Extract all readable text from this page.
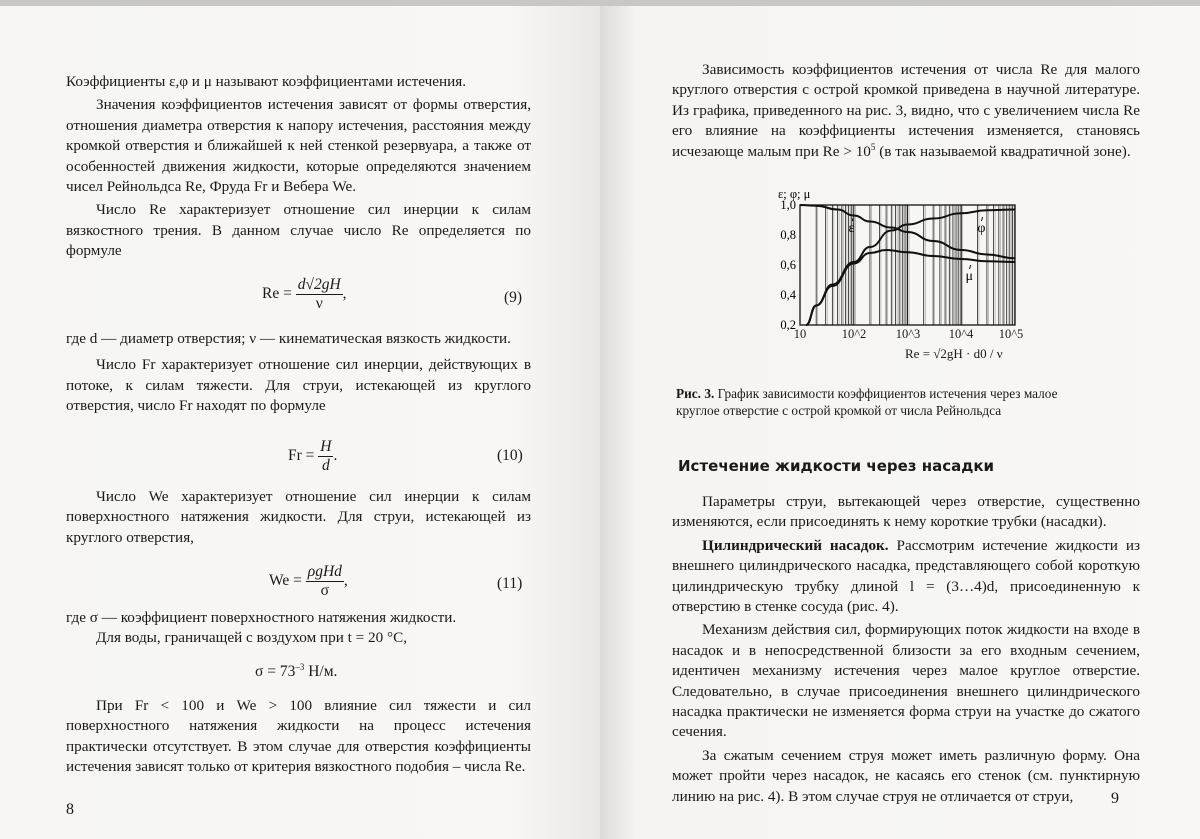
Коэффициенты ε,φ и μ называют коэффициентами истечения.

Значения коэффициентов истечения зависят от формы отверстия, отношения диаметра отверстия к напору истечения, расстояния между кромкой отверстия и ближайшей к ней стенкой резервуара, а также от особенностей движения жидкости, которые определяются значением чисел Рейнольдса Re, Фруда Fr и Вебера We.

Число Re характеризует отношение сил инерции к силам вязкостного трения. В данном случае число Re определяется по формуле

$Re = \frac{d√2gH}{\nu}$ ,	(9)

где d — диаметр отверстия; ν — кинематическая вязкость жидкости.

Число Fr характеризует отношение сил инерции, действующих в потоке, к силам тяжести. Для струи, истекающей из круглого отверстия, число Fr находят по формуле

$Fr = \frac{H}{d}$ .	(10)

Число We характеризует отношение сил инерции к силам поверхностного натяжения жидкости. Для струи, истекающей из круглого отверстия,

$We = \frac{\text{ρgHd}}{\sigma}$ ,	(11)

где σ — коэффициент поверхностного натяжения жидкости.

Для воды, граничащей с воздухом при t = 20 °C,

$\sigma = 73^{-3}$ Н/м.

При Fr < 100 и We > 100 влияние сил тяжести и сил поверхностного натяжения жидкости на процесс истечения практически отсутствует. В этом случае для отверстия коэффициенты истечения зависят только от критерия вязкостного подобия – числа Re.

8

Зависимость коэффициентов истечения от числа Re для малого круглого отверстия с острой кромкой приведена в научной литературе. Из графика, приведенного на рис. 3, видно, что с увеличением числа Re его влияние на коэффициенты истечения изменяется, становясь исчезающе малым при $Re > 10^5$ (в так называемой квадратичной зоне).

0,2
0,4
0,6
0,8
1,0
ε; φ; μ
ε	φ
μ
10	10^2 10^3 10^4 10^5
Re = √2gH · d0 / ν
Рис. 3. График зависимости коэффициентов истечения через малое круглое отверстие с острой кромкой от числа Рейнольдса
Истечение жидкости через насадки

Параметры струи, вытекающей через отверстие, существенно изменяются, если присоединять к нему короткие трубки (насадки).

Цилиндрический насадок. Рассмотрим истечение жидкости из внешнего цилиндрического насадка, представляющего собой короткую цилиндрическую трубку длиной l = (3…4)d, присоединенную к отверстию в стенке сосуда (рис. 4).

Механизм действия сил, формирующих поток жидкости на входе в насадок и в непосредственной близости за его входным сечением, идентичен механизму истечения через малое круглое отверстие. Следовательно, в случае присоединения внешнего цилиндрического насадка практически не изменяется форма струи на участке до сжатого сечения.

За сжатым сечением струя может иметь различную форму. Она может пройти через насадок, не касаясь его стенок (см. пунктирную линию на рис. 4). В этом случае струя не отличается от струи,	9
